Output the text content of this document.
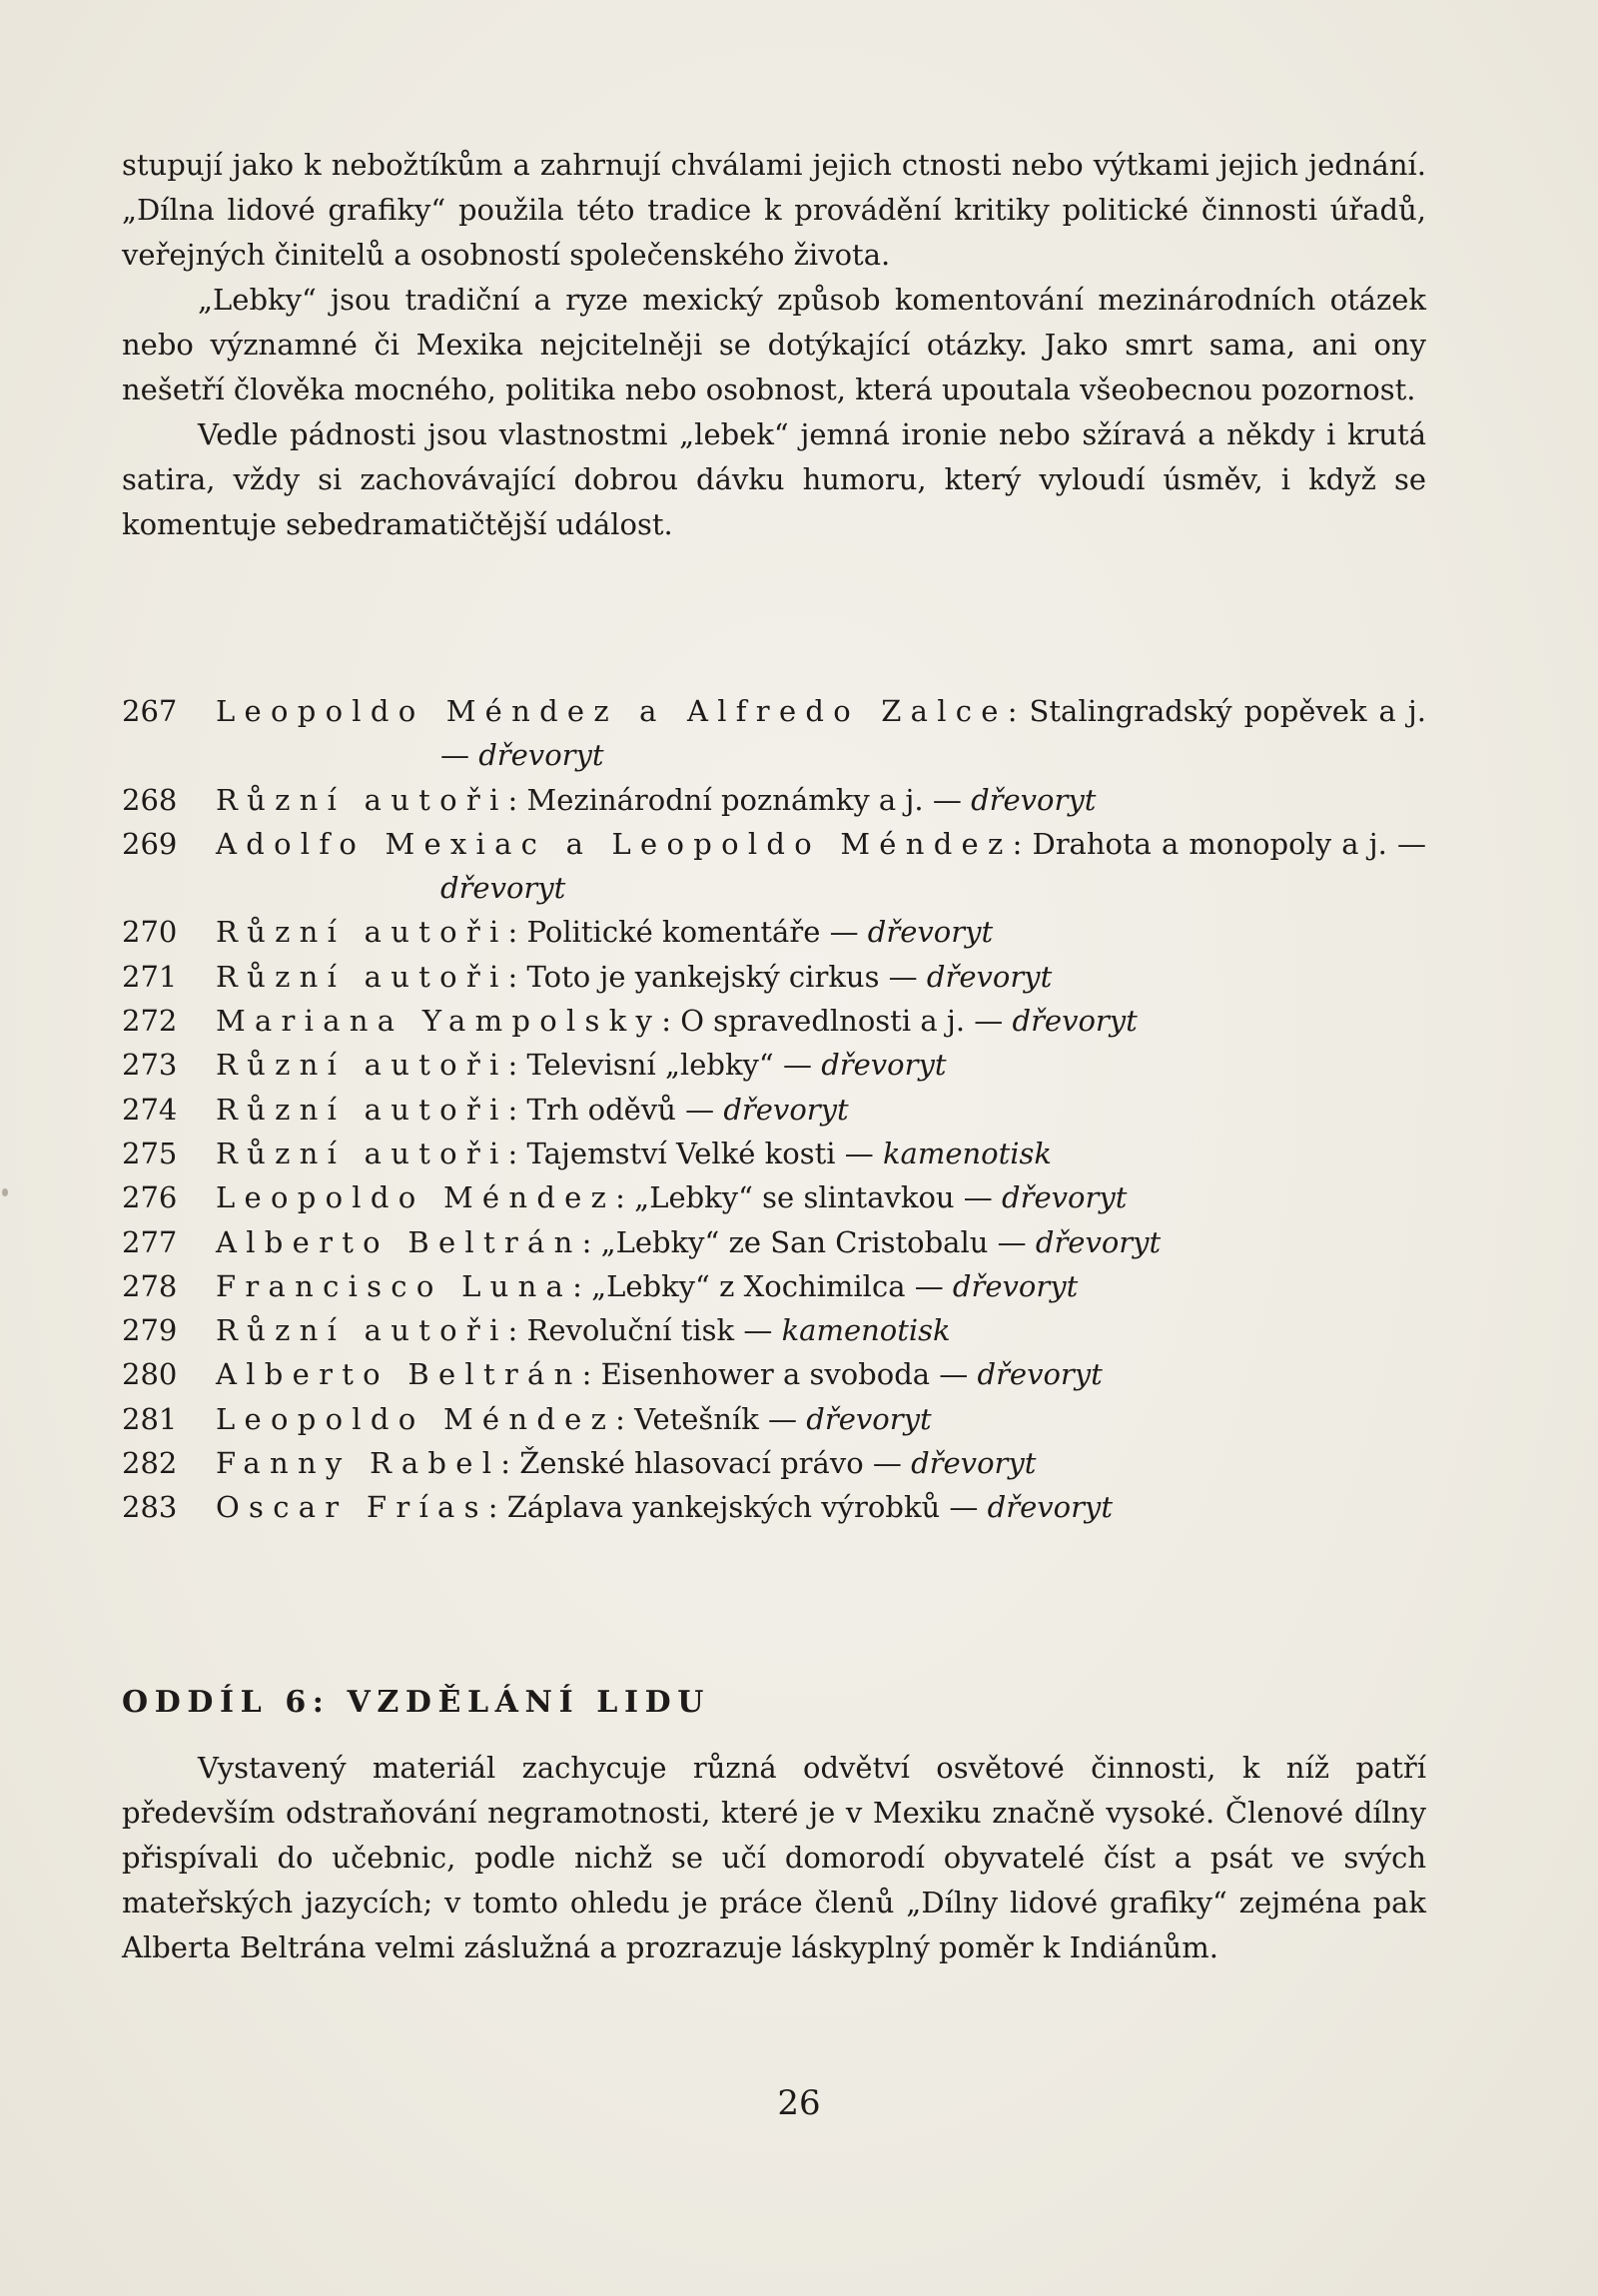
stupují jako k nebožtíkům a zahrnují chválami jejich ctnosti nebo výtkami jejich jednání. „Dílna lidové grafiky“ použila této tradice k provádění kritiky politické činnosti úřadů, veřejných činitelů a osobností společenského života.

„Lebky“ jsou tradiční a ryze mexický způsob komentování mezinárodních otázek nebo významné či Mexika nejcitelněji se dotýkající otázky. Jako smrt sama, ani ony nešetří člověka mocného, politika nebo osobnost, která upoutala všeobecnou pozornost.

Vedle pádnosti jsou vlastnostmi „lebek“ jemná ironie nebo sžíravá a někdy i krutá satira, vždy si zachovávající dobrou dávku humoru, který vyloudí úsměv, i když se komentuje sebedramatičtější událost.

267	Leopoldo Méndez a Alfredo Zalce: Stalingradský popěvek a j. — dřevoryt
268	Různí autoři: Mezinárodní poznámky a j. — dřevoryt
269	Adolfo Mexiac a Leopoldo Méndez: Drahota a monopoly a j. — dřevoryt
270	Různí autoři: Politické komentáře — dřevoryt
271	Různí autoři: Toto je yankejský cirkus — dřevoryt
272	Mariana Yampolsky: O spravedlnosti a j. — dřevoryt
273	Různí autoři: Televisní „lebky“ — dřevoryt
274	Různí autoři: Trh oděvů — dřevoryt
275	Různí autoři: Tajemství Velké kosti — kamenotisk
276	Leopoldo Méndez: „Lebky“ se slintavkou — dřevoryt
277	Alberto Beltrán: „Lebky“ ze San Cristobalu — dřevoryt
278	Francisco Luna: „Lebky“ z Xochimilca — dřevoryt
279	Různí autoři: Revoluční tisk — kamenotisk
280	Alberto Beltrán: Eisenhower a svoboda — dřevoryt
281	Leopoldo Méndez: Vetešník — dřevoryt
282	Fanny Rabel: Ženské hlasovací právo — dřevoryt
283	Oscar Frías: Záplava yankejských výrobků — dřevoryt
ODDÍL 6: VZDĚLÁNÍ LIDU

Vystavený materiál zachycuje různá odvětví osvětové činnosti, k níž patří především odstraňování negramotnosti, které je v Mexiku značně vysoké. Členové dílny přispívali do učebnic, podle nichž se učí domorodí obyvatelé číst a psát ve svých mateřských jazycích; v tomto ohledu je práce členů „Dílny lidové grafiky“ zejména pak Alberta Beltrána velmi záslužná a prozrazuje láskyplný poměr k Indiánům.

26
